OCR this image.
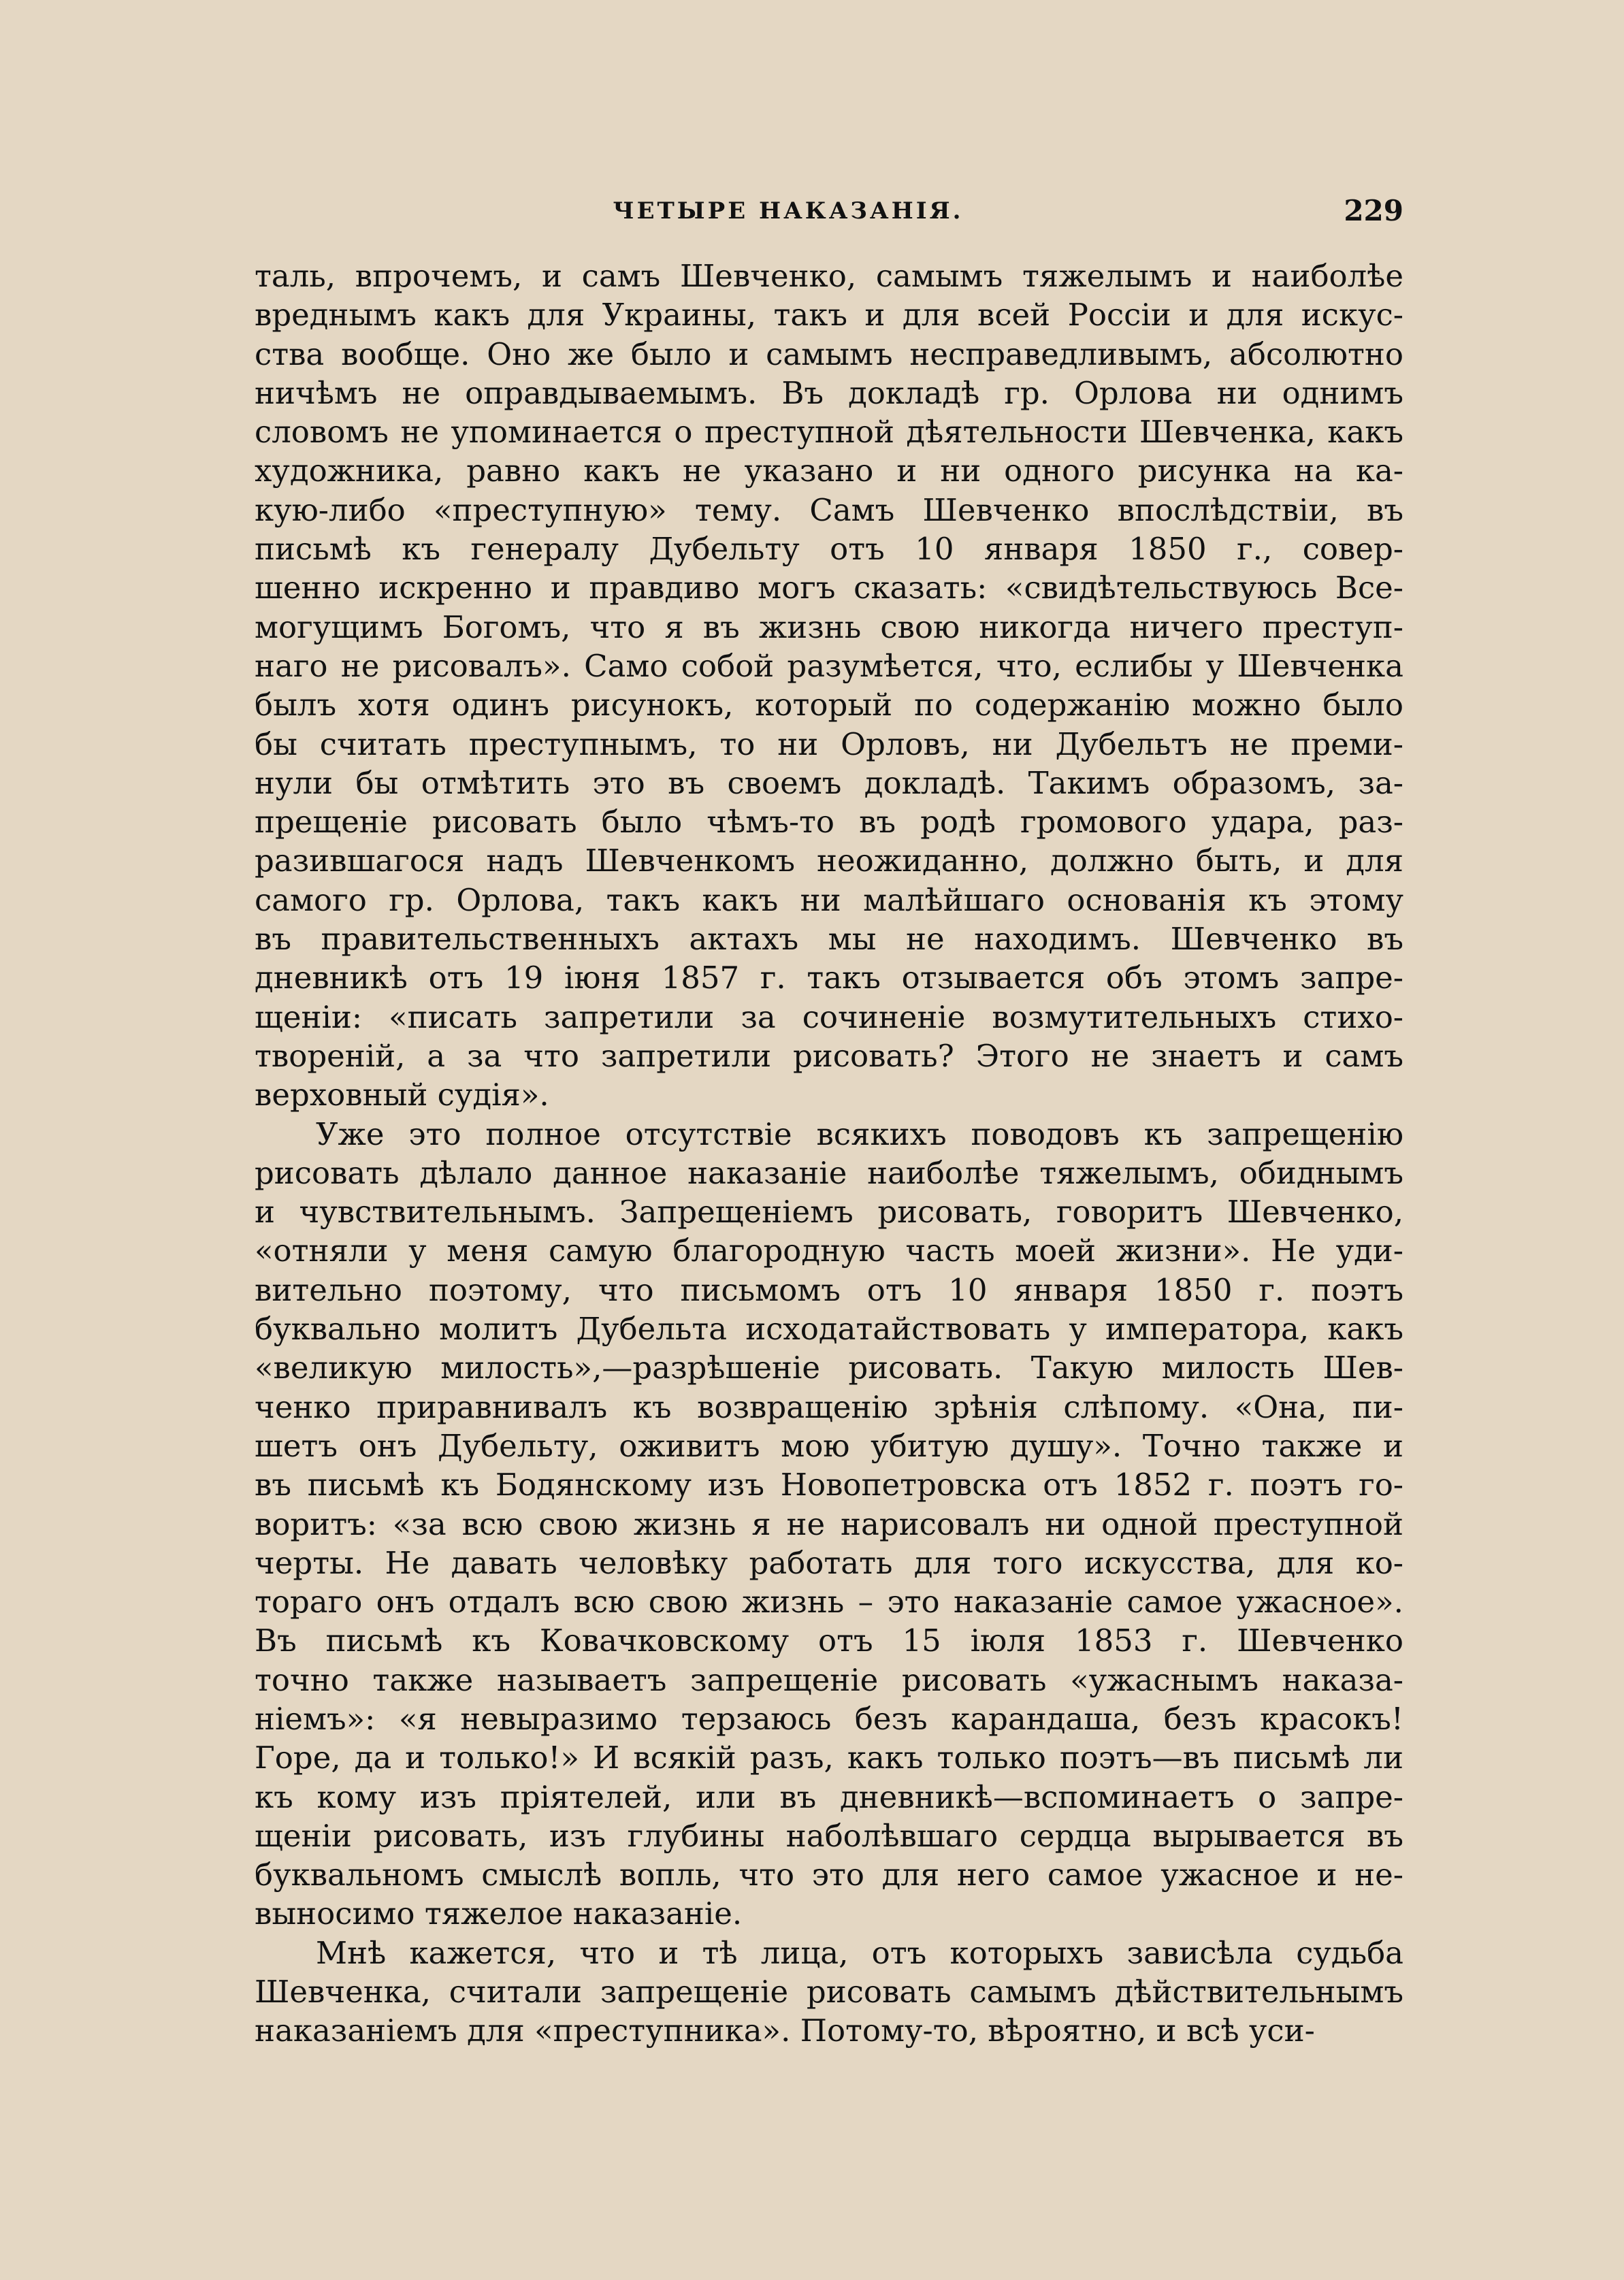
ЧЕТЫРЕ НАКАЗАНІЯ.	229

таль, впрочемъ, и самъ Шевченко, самымъ тяжелымъ и наиболѣе
вреднымъ какъ для Украины, такъ и для всей Россіи и для искус-
ства вообще. Оно же было и самымъ несправедливымъ, абсолютно
ничѣмъ не оправдываемымъ. Въ докладѣ гр. Орлова ни однимъ
словомъ не упоминается о преступной дѣятельности Шевченка, какъ
художника, равно какъ не указано и ни одного рисунка на ка-
кую-либо «преступную» тему. Самъ Шевченко впослѣдствіи, въ
письмѣ къ генералу Дубельту отъ 10 января 1850 г., совер-
шенно искренно и правдиво могъ сказать: «свидѣтельствуюсь Все-
могущимъ Богомъ, что я въ жизнь свою никогда ничего преступ-
наго не рисовалъ». Само собой разумѣется, что, еслибы у Шевченка
былъ хотя одинъ рисунокъ, который по содержанію можно было
бы считать преступнымъ, то ни Орловъ, ни Дубельтъ не преми-
нули бы отмѣтить это въ своемъ докладѣ. Такимъ образомъ, за-
прещеніе рисовать было чѣмъ-то въ родѣ громового удара, раз-
разившагося надъ Шевченкомъ неожиданно, должно быть, и для
самого гр. Орлова, такъ какъ ни малѣйшаго основанія къ этому
въ правительственныхъ актахъ мы не находимъ. Шевченко въ
дневникѣ отъ 19 іюня 1857 г. такъ отзывается объ этомъ запре-
щеніи: «писать запретили за сочиненіе возмутительныхъ стихо-
твореній, а за что запретили рисовать? Этого не знаетъ и самъ
верховный судія».

Уже это полное отсутствіе всякихъ поводовъ къ запрещенію
рисовать дѣлало данное наказаніе наиболѣе тяжелымъ, обиднымъ
и чувствительнымъ. Запрещеніемъ рисовать, говоритъ Шевченко,
«отняли у меня самую благородную часть моей жизни». Не уди-
вительно поэтому, что письмомъ отъ 10 января 1850 г. поэтъ
буквально молитъ Дубельта исходатайствовать у императора, какъ
«великую милость»,—разрѣшеніе рисовать. Такую милость Шев-
ченко приравнивалъ къ возвращенію зрѣнія слѣпому. «Она, пи-
шетъ онъ Дубельту, оживитъ мою убитую душу». Точно также и
въ письмѣ къ Бодянскому изъ Новопетровска отъ 1852 г. поэтъ го-
воритъ: «за всю свою жизнь я не нарисовалъ ни одной преступной
черты. Не давать человѣку работать для того искусства, для ко-
тораго онъ отдалъ всю свою жизнь – это наказаніе самое ужасное».
Въ письмѣ къ Ковачковскому отъ 15 іюля 1853 г. Шевченко
точно также называетъ запрещеніе рисовать «ужаснымъ наказа-
ніемъ»: «я невыразимо терзаюсь безъ карандаша, безъ красокъ!
Горе, да и только!» И всякій разъ, какъ только поэтъ—въ письмѣ ли
къ кому изъ пріятелей, или въ дневникѣ—вспоминаетъ о запре-
щеніи рисовать, изъ глубины наболѣвшаго сердца вырывается въ
буквальномъ смыслѣ вопль, что это для него самое ужасное и не-
выносимо тяжелое наказаніе.

Мнѣ кажется, что и тѣ лица, отъ которыхъ зависѣла судьба
Шевченка, считали запрещеніе рисовать самымъ дѣйствительнымъ
наказаніемъ для «преступника». Потому-то, вѣроятно, и всѣ уси-
